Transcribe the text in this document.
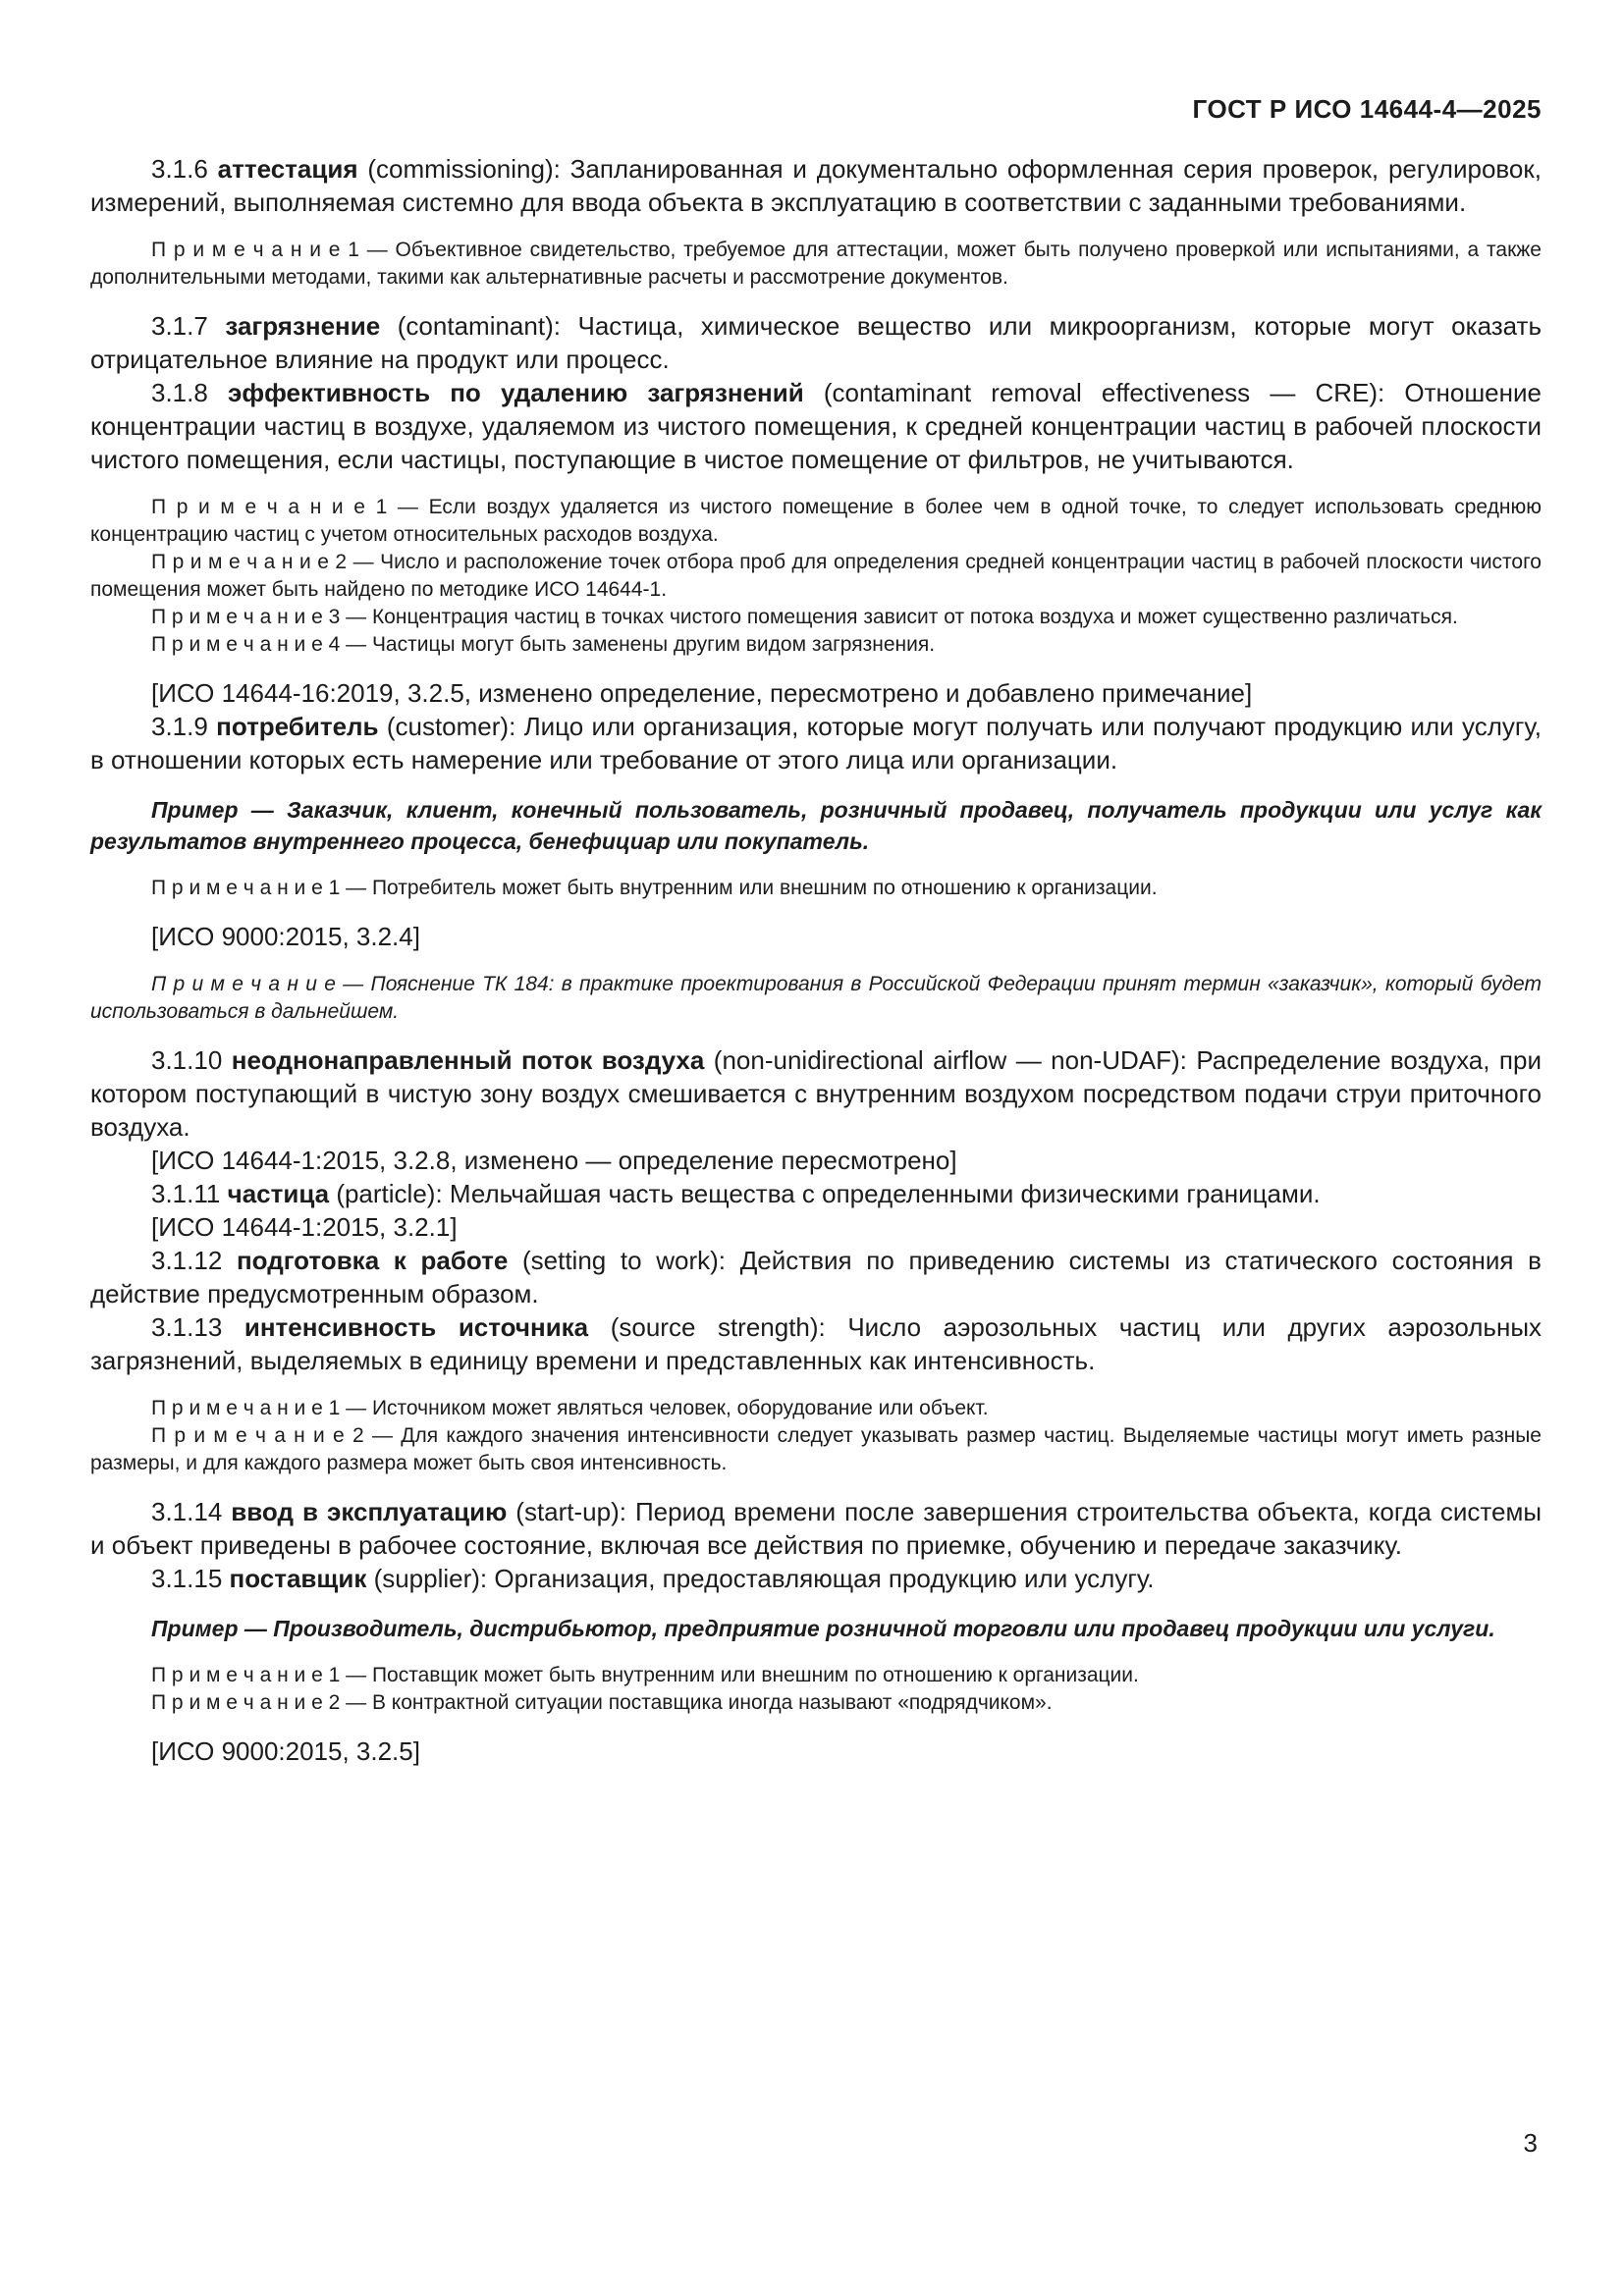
ГОСТ Р ИСО 14644-4—2025

3.1.6 аттестация (commissioning): Запланированная и документально оформленная серия проверок, регулировок, измерений, выполняемая системно для ввода объекта в эксплуатацию в соответствии с заданными требованиями.

П р и м е ч а н и е 1 — Объективное свидетельство, требуемое для аттестации, может быть получено проверкой или испытаниями, а также дополнительными методами, такими как альтернативные расчеты и рассмотрение документов.

3.1.7 загрязнение (contaminant): Частица, химическое вещество или микроорганизм, которые могут оказать отрицательное влияние на продукт или процесс.

3.1.8 эффективность по удалению загрязнений (contaminant removal effectiveness — CRE): Отношение концентрации частиц в воздухе, удаляемом из чистого помещения, к средней концентрации частиц в рабочей плоскости чистого помещения, если частицы, поступающие в чистое помещение от фильтров, не учитываются.

П р и м е ч а н и е 1 — Если воздух удаляется из чистого помещение в более чем в одной точке, то следует использовать среднюю концентрацию частиц с учетом относительных расходов воздуха.

П р и м е ч а н и е 2 — Число и расположение точек отбора проб для определения средней концентрации частиц в рабочей плоскости чистого помещения может быть найдено по методике ИСО 14644-1.

П р и м е ч а н и е 3 — Концентрация частиц в точках чистого помещения зависит от потока воздуха и может существенно различаться.

П р и м е ч а н и е 4 — Частицы могут быть заменены другим видом загрязнения.

[ИСО 14644-16:2019, 3.2.5, изменено определение, пересмотрено и добавлено примечание]

3.1.9 потребитель (customer): Лицо или организация, которые могут получать или получают продукцию или услугу, в отношении которых есть намерение или требование от этого лица или организации.

Пример — Заказчик, клиент, конечный пользователь, розничный продавец, получатель продукции или услуг как результатов внутреннего процесса, бенефициар или покупатель.

П р и м е ч а н и е 1 — Потребитель может быть внутренним или внешним по отношению к организации.

[ИСО 9000:2015, 3.2.4]

П р и м е ч а н и е — Пояснение ТК 184: в практике проектирования в Российской Федерации принят термин «заказчик», который будет использоваться в дальнейшем.

3.1.10 неоднонаправленный поток воздуха (non-unidirectional airflow — non-UDAF): Распределение воздуха, при котором поступающий в чистую зону воздух смешивается с внутренним воздухом посредством подачи струи приточного воздуха.

[ИСО 14644-1:2015, 3.2.8, изменено — определение пересмотрено]

3.1.11 частица (particle): Мельчайшая часть вещества с определенными физическими границами.

[ИСО 14644-1:2015, 3.2.1]

3.1.12 подготовка к работе (setting to work): Действия по приведению системы из статического состояния в действие предусмотренным образом.

3.1.13 интенсивность источника (source strength): Число аэрозольных частиц или других аэрозольных загрязнений, выделяемых в единицу времени и представленных как интенсивность.

П р и м е ч а н и е 1 — Источником может являться человек, оборудование или объект.

П р и м е ч а н и е 2 — Для каждого значения интенсивности следует указывать размер частиц. Выделяемые частицы могут иметь разные размеры, и для каждого размера может быть своя интенсивность.

3.1.14 ввод в эксплуатацию (start-up): Период времени после завершения строительства объекта, когда системы и объект приведены в рабочее состояние, включая все действия по приемке, обучению и передаче заказчику.

3.1.15 поставщик (supplier): Организация, предоставляющая продукцию или услугу.

Пример — Производитель, дистрибьютор, предприятие розничной торговли или продавец продукции или услуги.

П р и м е ч а н и е 1 — Поставщик может быть внутренним или внешним по отношению к организации.

П р и м е ч а н и е 2 — В контрактной ситуации поставщика иногда называют «подрядчиком».

[ИСО 9000:2015, 3.2.5]

3
